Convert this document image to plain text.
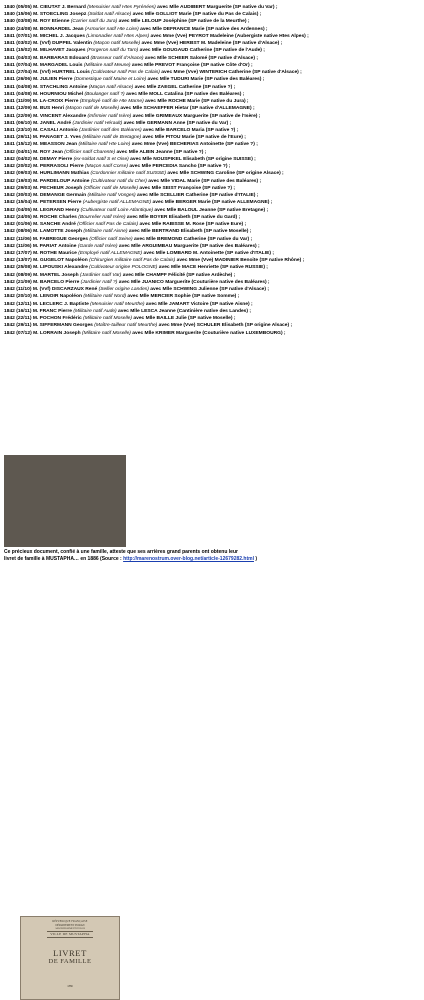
1840 (05/05) M. CIEUTAT J. Bernard (Menuisier natif Htes Pyrénées) avec Mlle AUDIBERT Marguerite (SP native du Var) ;
1840 (15/06) M. STOECLING Josepz (Soldat natif Alsace) avec Mlle GOLLIOT Marie (SP native du Pas de Calais) ;
1840 (03/08) M. ROY Etienne (Carrier natif du Jura) avec Mlle LELOUP Joséphine (SP native de la Meurthe) ;
1840 (24/08) M. BONNARDEL Jean (Armurier natif Hte Loire) avec Mlle DEFRANCE Marie (SP native des Ardennes) ;
1841 (07/01) M. MICHEL J. Jacques (Limonadier natif Htes Alpes) avec Mme (Vve) PEYROT Madeleine (Aubergiste native Htes Alpes) ;
1841 (03/02) M. (Vvf) DUPPEL Valentin (Maçon natif Moselle) avec Mme (Vve) HERBST M. Madeleine (SP native d'Alsace) ;
1841 (15/02) M. MILHAVET Jacques (Forgeron natif du Tarn) avec Mlle GOUGAUD Catherine (SP native de l'Aude) ;
1841 (04/03) M. BARBARAS Edouard (Brasseur natif d'Alsace) avec Mlle SCHEER Salomé (SP native d'Alsace) ;
1841 (07/04) M. MARGADEL Louis (Militaire natif Meuse) avec Mlle PREVOT Françoise (SP native Côte d'Or) ;
1841 (27/04) M. (Vvf) HURTREL Louis (Cultivateur natif Pas de Calais) avec Mme (Vve) WINTERICH Catherine (SP native d'Alsace) ;
1841 (26/06) M. JULIEN Pierre (Domestique natif Maine et Loire) avec Mlle TUDURI Marie (SP native des Baléares) ;
1841 (04/08) M. STACHLING Antoine (Maçon natif Alsace) avec Mlle ZAEGEL Catherine (SP native ?) ;
1841 (04/08) M. HOURNIOU Michel (Boulanger natif ?) avec Mlle MOLL Catalina (SP native des Baléares) ;
1841 (11/09) M. LA-CROIX Pierre (Employé natif de Hte Marne) avec Mlle ROCHE Marie (SP native du Jura) ;
1841 (12/09) M. BUS Henri (Maçon natif de Moselle) avec Mlle SCHAEFFER Hietar (SP native d'ALLEMAGNE) ;
1841 (22/09) M. VINCENT Alexandre (Infirmier natif Isère) avec Mlle GRIMEAUX Marguerite (SP native de l'Isère) ;
1841 (06/10) M. JANEL André (Jardinier natif Hérault) avec Mlle GERMANN Anne (SP native du Var) ;
1841 (23/10) M. CASALI Antonio (Jardinier natif des Baléares) avec Mlle BARCELO Maria (SP native ?) ;
1841 (29/11) M. PANAGET J. Yves (Militaire natif de Bretagne) avec Mlle PITOU Marie (SP native de l'Eure) ;
1841 (15/12) M. MEASSON Jean (Militaire natif Hte Loire) avec Mme (Vve) BECHERIAS Antoinette (SP native ?) ;
1842 (04/01) M. ROY Jean (Officier natif Charente) avec Mlle ALBIN Jeanne (SP native ?) ;
1842 (04/02) M. DEMAY Pierre (ex-soldat natif S et Oise) avec Mlle NOUSPIKEL Elisabeth (SP origine SUISSE) ;
1842 (20/02) M. PERRASOLI Pierre (Maçon natif Corse) avec Mlle PERCEDIA Sancho (SP native ?) ;
1842 (09/03) M. HURLIMANN Mathias (Cordonnier militaire natif SUISSE) avec Mlle SCHWING Caroline (SP origine Alsace) ;
1842 (19/03) M. PARDELOUP Antoine (Cultivateur natif du Cher) avec Mlle VIDAL Marie (SP native des Baléares) ;
1842 (29/03) M. PECHEUR Joseph (Officier natif de Moselle) avec Mlle SEIST Françoise (SP native ?) ;
1842 (30/03) M. DEMANGE Germain (Militaire natif Vosges) avec Mlle SCELLIER Catherine (SP native d'ITALIE) ;
1842 (15/04) M. PETERSEN Pierre (Aubergiste natif ALLEMAGNE) avec Mlle BERGER Marie (SP native ALLEMAGNE) ;
1842 (04/05) M. LEGRAND Henry (Cultivateur natif Loire Atlantique) avec Mlle BALOUL Jeanne (SP native Bretagne) ;
1842 (24/05) M. ROCHE Charles (Bourrelier natif Isère) avec Mlle BOYER Elisabeth (SP native du Gard) ;
1842 (01/06) M. SANCHE André (Officier natif Pas de Calais) avec Mlle RABISSE M. Rose (SP native Eure) ;
1842 (08/06) M. LAMOTTE Joseph (Militaire natif Aisne) avec Mlle BERTRAND Elisabeth (SP native Moselle) ;
1842 (11/06) M. FABREGUE Georges (Officier natif Seine) avec Mlle BREMOND Catherine (SP native du Var) ;
1842 (11/06) M. PARIAT Antoine (Garde natif Isère) avec Mlle ARGUIMBAU Marguerite (SP native des Baléares) ;
1842 (17/07) M. ROTHE Maurice (Employé natif ALLEMAGNE) avec Mlle LOMBARD M. Antoinette (SP native d'ITALIE) ;
1842 (13/07) M. GUGELOT Napoléon (Chirurgien militaire natif Pas de Calais) avec Mme (Vve) MADINIER Benoite (SP native Rhône) ;
1842 (25/08) M. LIPOUSKI Alexandre (Cultivateur origine POLOGNE) avec Mlle MACE Henriette (SP native RUSSIE) ;
1842 (08/09) M. MARTEL Joseph (Jardinier natif Var) avec Mlle CHAMPF Félicité (SP native Ardèche) ;
1842 (21/09) M. BARCELO Pierre (Jardinier natif ?) avec Mlle JUANICO Marguerite (Couturière native des Baléares) ;
1842 (11/10) M. (Vvf) DISCARZAUX René (Sellier origine Landes) avec Mlle SCHWING Julienne (SP native d'Alsace) ;
1842 (20/10) M. LENOIR Napoléon (Militaire natif Nord) avec Mlle MERCIER Sophie (SP native Somme) ;
1842 (12/11) M. LECLERC J. Baptiste (Menuisier natif Meurthe) avec Mlle JAMART Victoire (SP native Aisne) ;
1842 (16/11) M. FRANC Pierre (Militaire natif Aude) avec Mlle LESCA Jeanne (Cantinière native des Landes) ;
1842 (22/11) M. POCHON Frédéric (Militaire natif Moselle) avec Mlle BAILLE Julie (SP native Moselle) ;
1842 (29/11) M. SIFFERMANN Georges (Maître-tailleur natif Meurthe) avec Mme (Vve) SCHULER Elisabeth (SP origine Alsace) ;
1842 (07/12) M. LORRAIN Joseph (Militaire natif Moselle) avec Mlle KRIMER Marguerite (Couturière native LUXEMBOURG) ;
RÉPUBLIQUE FRANÇAISE
DÉPARTEMENT D'ORAN
ARRONDISSEMENT D'ORAN
VILLE DE MUSTAPHA
LIVRET
DE FAMILLE
1886
Ce précieux document, confié à une famille, atteste que ses arrières grand parents ont obtenu leur
livret de famille à MUSTAPHA… en 1886 (Source : http://marenostrum.over-blog.net/article-12679282.html )
